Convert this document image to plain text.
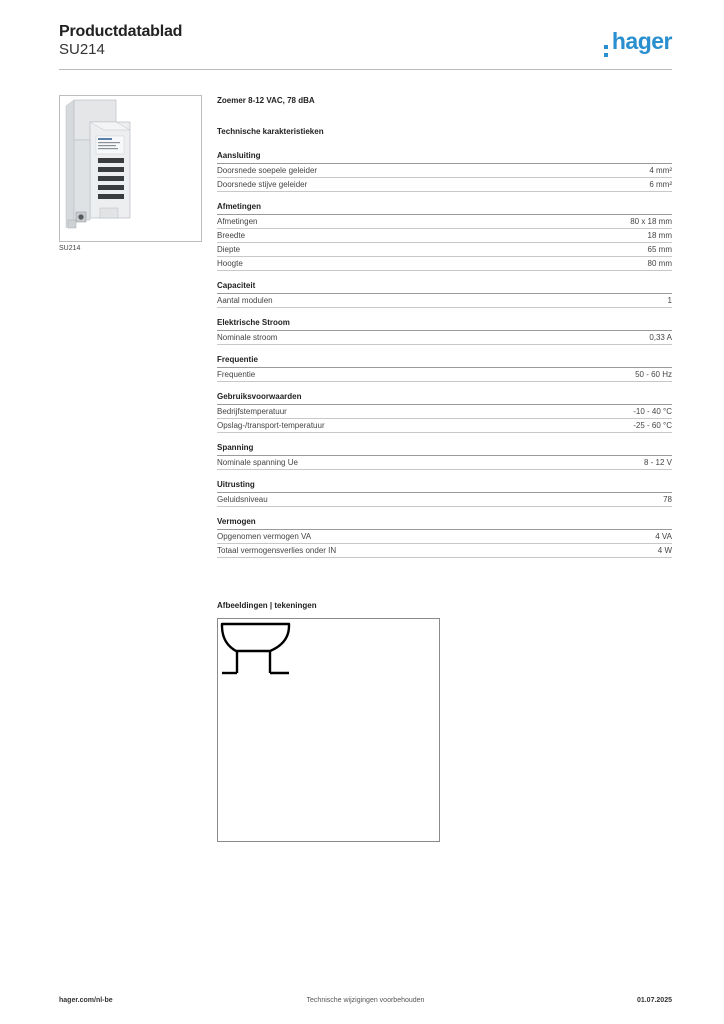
Productdatablad
SU214	hager
SU214
Zoemer 8-12 VAC, 78 dBA
Technische karakteristieken
Aansluiting
Doorsnede soepele geleider	4 mm²
Doorsnede stijve geleider	6 mm²
Afmetingen
Afmetingen	80 x 18 mm
Breedte	18 mm
Diepte	65 mm
Hoogte	80 mm
Capaciteit
Aantal modulen	1
Elektrische Stroom
Nominale stroom	0,33 A
Frequentie
Frequentie	50 - 60 Hz
Gebruiksvoorwaarden
Bedrijfstemperatuur	-10 - 40 °C
Opslag-/transport-temperatuur	-25 - 60 °C
Spanning
Nominale spanning Ue	8 - 12 V
Uitrusting
Geluidsniveau	78
Vermogen
Opgenomen vermogen VA	4 VA
Totaal vermogensverlies onder IN	4 W
Afbeeldingen | tekeningen
hager.com/nl-be	Technische wijzigingen voorbehouden	01.07.2025
